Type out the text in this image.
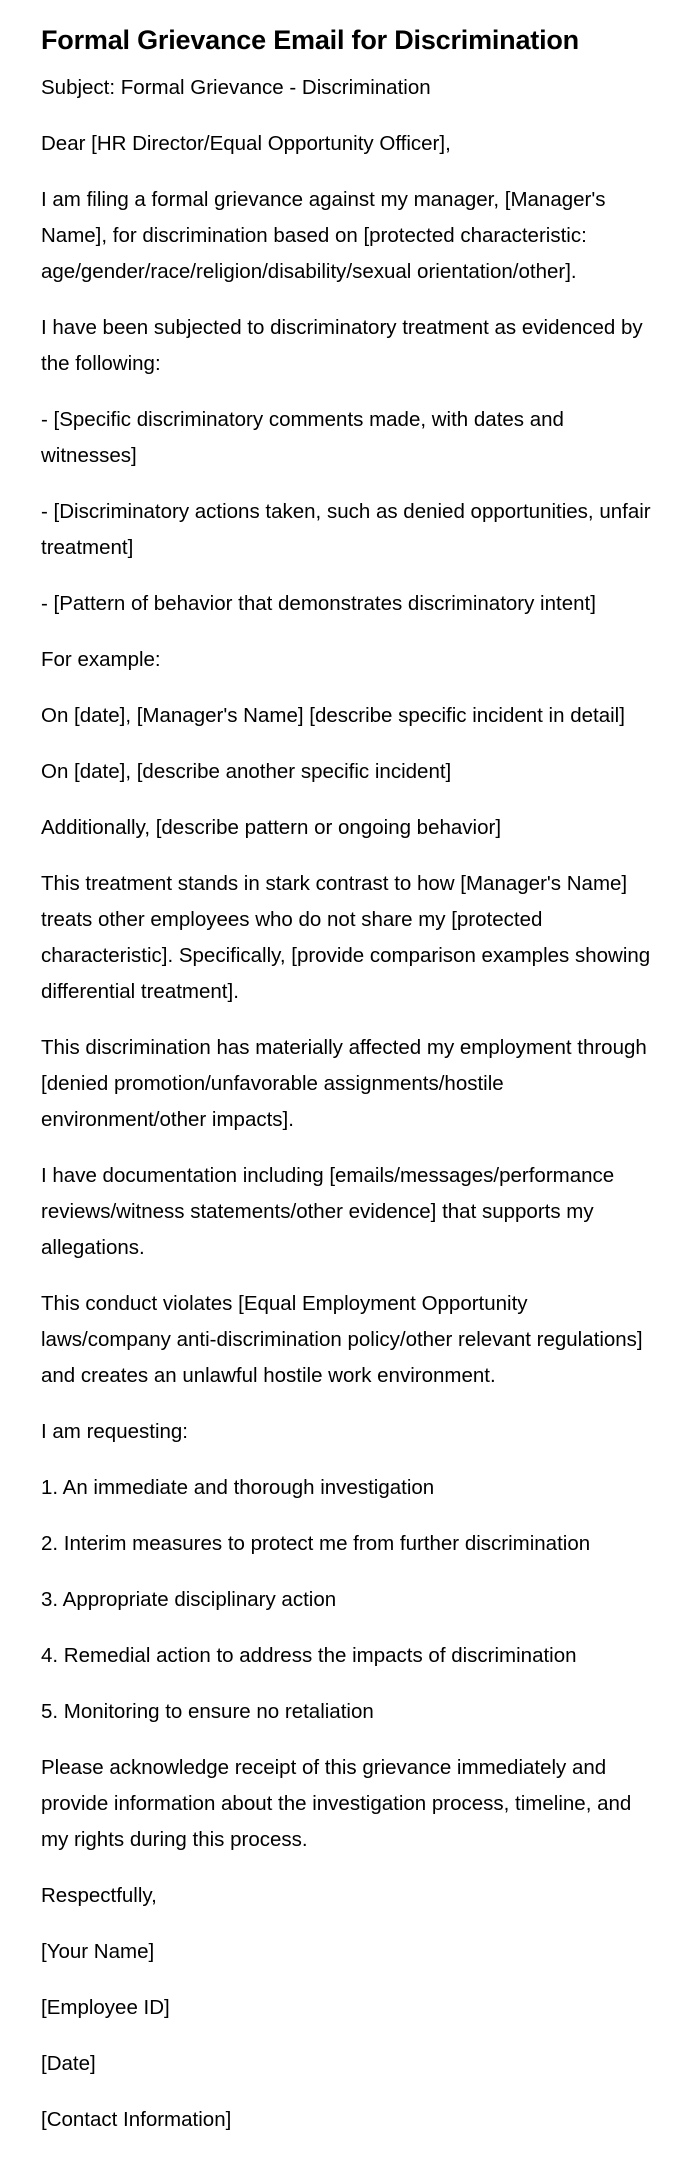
Formal Grievance Email for Discrimination

Subject: Formal Grievance - Discrimination

Dear [HR Director/Equal Opportunity Officer],

I am filing a formal grievance against my manager, [Manager's Name], for discrimination based on [protected characteristic: age/gender/race/religion/disability/sexual orientation/other].

I have been subjected to discriminatory treatment as evidenced by the following:

- [Specific discriminatory comments made, with dates and witnesses]

- [Discriminatory actions taken, such as denied opportunities, unfair treatment]

- [Pattern of behavior that demonstrates discriminatory intent]

For example:

On [date], [Manager's Name] [describe specific incident in detail]

On [date], [describe another specific incident]

Additionally, [describe pattern or ongoing behavior]

This treatment stands in stark contrast to how [Manager's Name] treats other employees who do not share my [protected characteristic]. Specifically, [provide comparison examples showing differential treatment].

This discrimination has materially affected my employment through [denied promotion/unfavorable assignments/hostile environment/other impacts].

I have documentation including [emails/messages/performance reviews/witness statements/other evidence] that supports my allegations.

This conduct violates [Equal Employment Opportunity laws/company anti-discrimination policy/other relevant regulations] and creates an unlawful hostile work environment.

I am requesting:

1. An immediate and thorough investigation

2. Interim measures to protect me from further discrimination

3. Appropriate disciplinary action

4. Remedial action to address the impacts of discrimination

5. Monitoring to ensure no retaliation

Please acknowledge receipt of this grievance immediately and provide information about the investigation process, timeline, and my rights during this process.

Respectfully,

[Your Name]

[Employee ID]

[Date]

[Contact Information]
